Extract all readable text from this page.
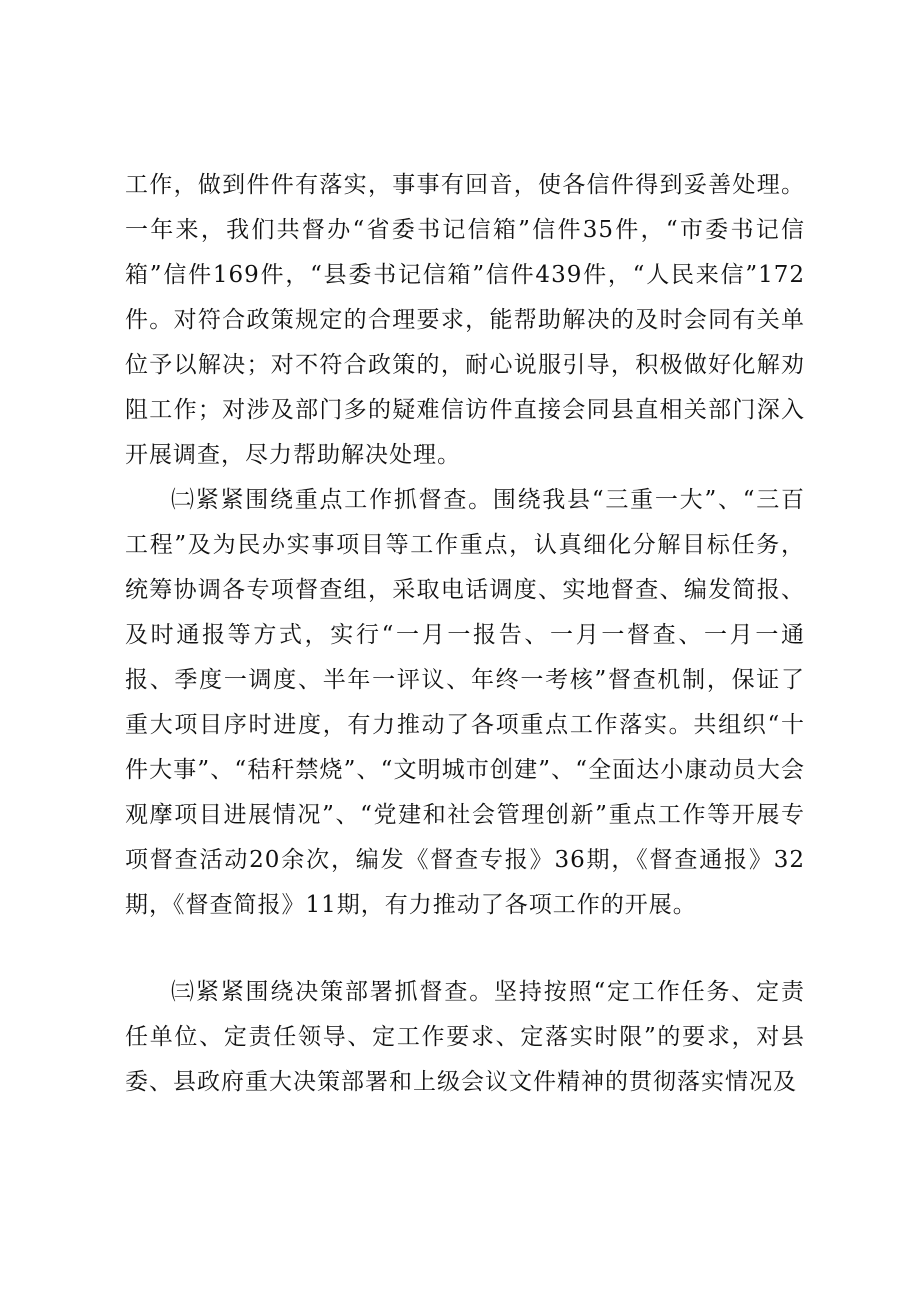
工作，做到件件有落实，事事有回音，使各信件得到妥善处理。一年来，我们共督办“省委书记信箱”信件35件，“市委书记信箱”信件169件，“县委书记信箱”信件439件，“人民来信”172件。对符合政策规定的合理要求，能帮助解决的及时会同有关单位予以解决；对不符合政策的，耐心说服引导，积极做好化解劝阻工作；对涉及部门多的疑难信访件直接会同县直相关部门深入开展调查，尽力帮助解决处理。

㈡紧紧围绕重点工作抓督查。围绕我县“三重一大”、“三百工程”及为民办实事项目等工作重点，认真细化分解目标任务，统筹协调各专项督查组，采取电话调度、实地督查、编发简报、及时通报等方式，实行“一月一报告、一月一督查、一月一通报、季度一调度、半年一评议、年终一考核”督查机制，保证了重大项目序时进度，有力推动了各项重点工作落实。共组织“十件大事”、“秸秆禁烧”、“文明城市创建”、“全面达小康动员大会观摩项目进展情况”、“党建和社会管理创新”重点工作等开展专项督查活动20余次，编发《督查专报》36期，《督查通报》32期，《督查简报》11期，有力推动了各项工作的开展。

㈢紧紧围绕决策部署抓督查。坚持按照“定工作任务、定责任单位、定责任领导、定工作要求、定落实时限”的要求，对县委、县政府重大决策部署和上级会议文件精神的贯彻落实情况及
